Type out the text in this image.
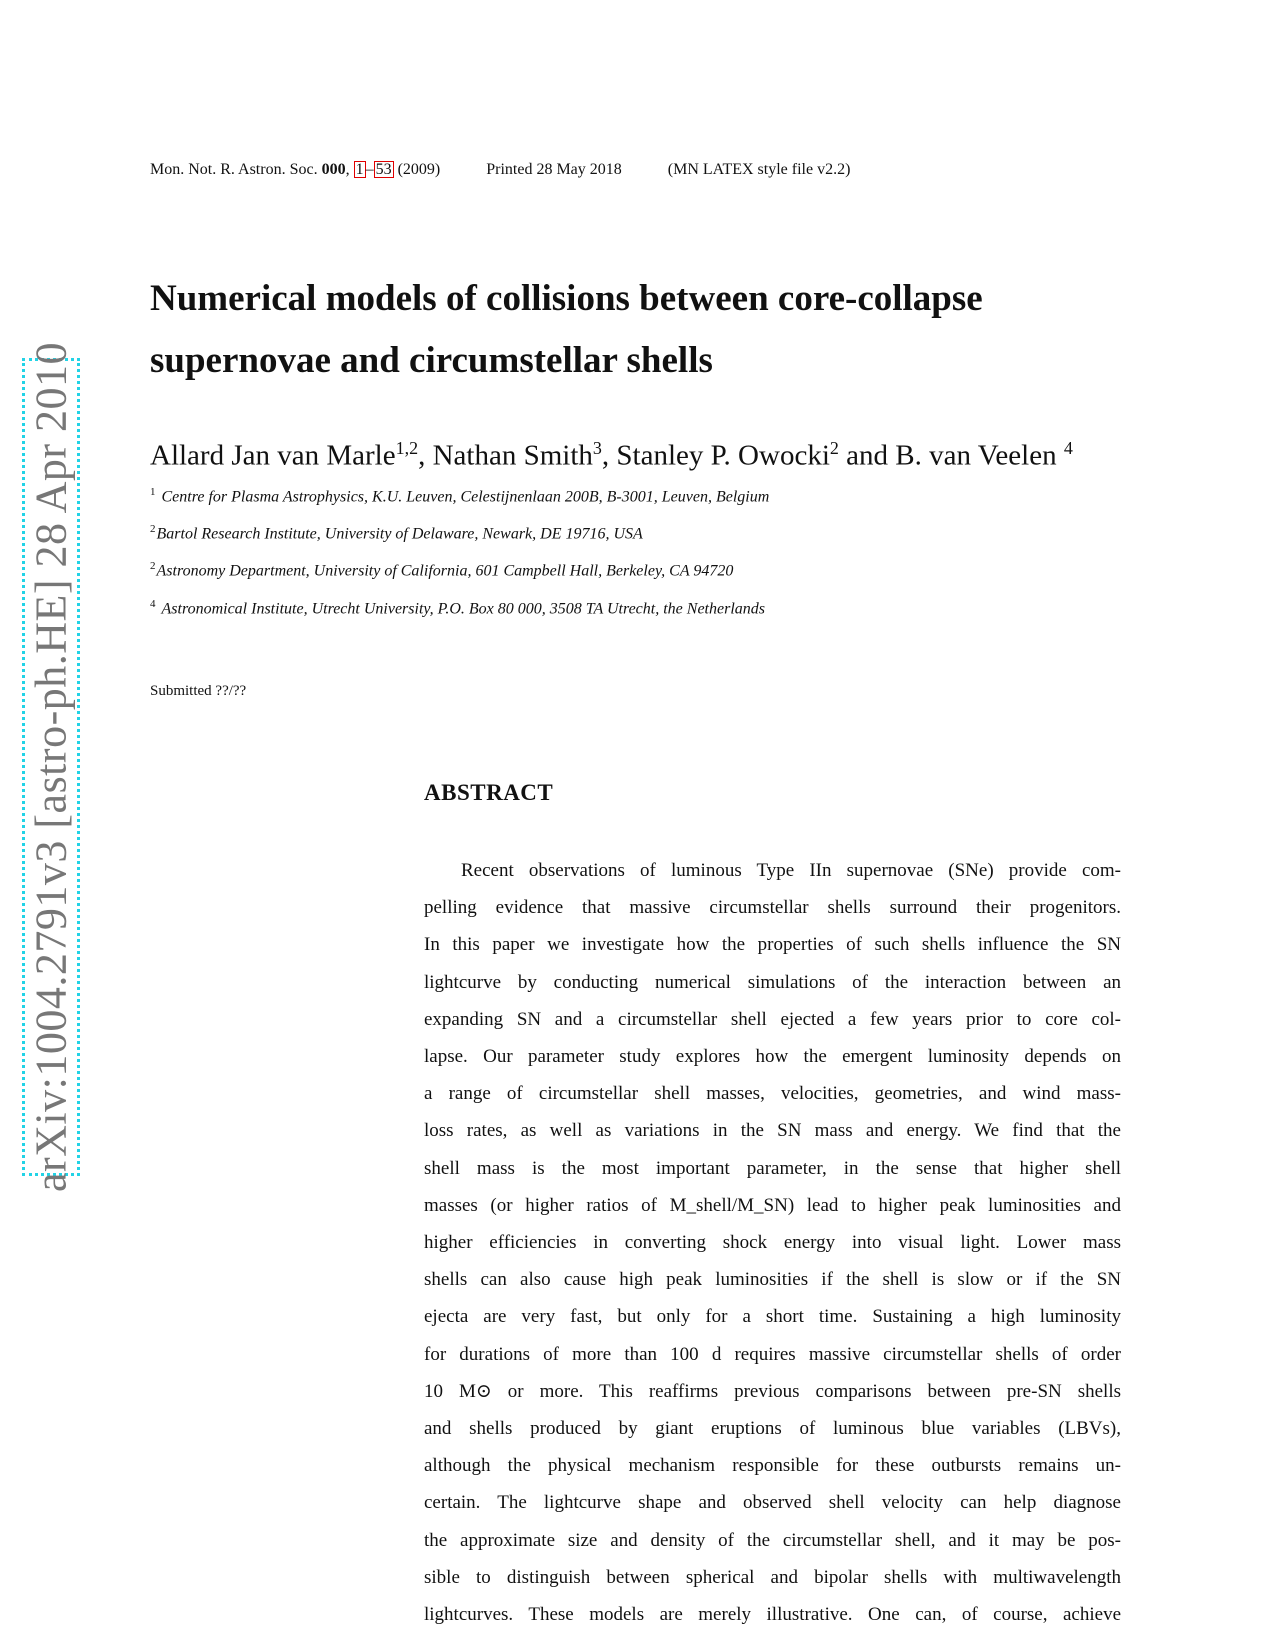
Mon. Not. R. Astron. Soc. 000, 1 – 53 (2009)	Printed 28 May 2018	(MN LATEX style file v2.2)
arXiv:1004.2791v3 [astro-ph.HE] 28 Apr 2010
Numerical models of collisions between core-collapse
supernovae and circumstellar shells
Allard Jan van Marle$^{1,2}$, Nathan Smith$^3$, Stanley P. Owocki$^2$ and B. van Veelen $^4$
$^1$ Centre for Plasma Astrophysics, K.U. Leuven, Celestijnenlaan 200B, B-3001, Leuven, Belgium
$^2$Bartol Research Institute, University of Delaware, Newark, DE 19716, USA
$^2$Astronomy Department, University of California, 601 Campbell Hall, Berkeley, CA 94720
$^4$ Astronomical Institute, Utrecht University, P.O. Box 80 000, 3508 TA Utrecht, the Netherlands
Submitted ??/??
ABSTRACT
Recent observations of luminous Type IIn supernovae (SNe) provide com-
pelling evidence that massive circumstellar shells surround their progenitors.
In this paper we investigate how the properties of such shells influence the SN
lightcurve by conducting numerical simulations of the interaction between an
expanding SN and a circumstellar shell ejected a few years prior to core col-
lapse. Our parameter study explores how the emergent luminosity depends on
a range of circumstellar shell masses, velocities, geometries, and wind mass-
loss rates, as well as variations in the SN mass and energy. We find that the
shell mass is the most important parameter, in the sense that higher shell
masses (or higher ratios of M_shell/M_SN) lead to higher peak luminosities and
higher efficiencies in converting shock energy into visual light. Lower mass
shells can also cause high peak luminosities if the shell is slow or if the SN
ejecta are very fast, but only for a short time. Sustaining a high luminosity
for durations of more than 100 d requires massive circumstellar shells of order
10 M⊙ or more. This reaffirms previous comparisons between pre-SN shells
and shells produced by giant eruptions of luminous blue variables (LBVs),
although the physical mechanism responsible for these outbursts remains un-
certain. The lightcurve shape and observed shell velocity can help diagnose
the approximate size and density of the circumstellar shell, and it may be pos-
sible to distinguish between spherical and bipolar shells with multiwavelength
lightcurves. These models are merely illustrative. One can, of course, achieve
